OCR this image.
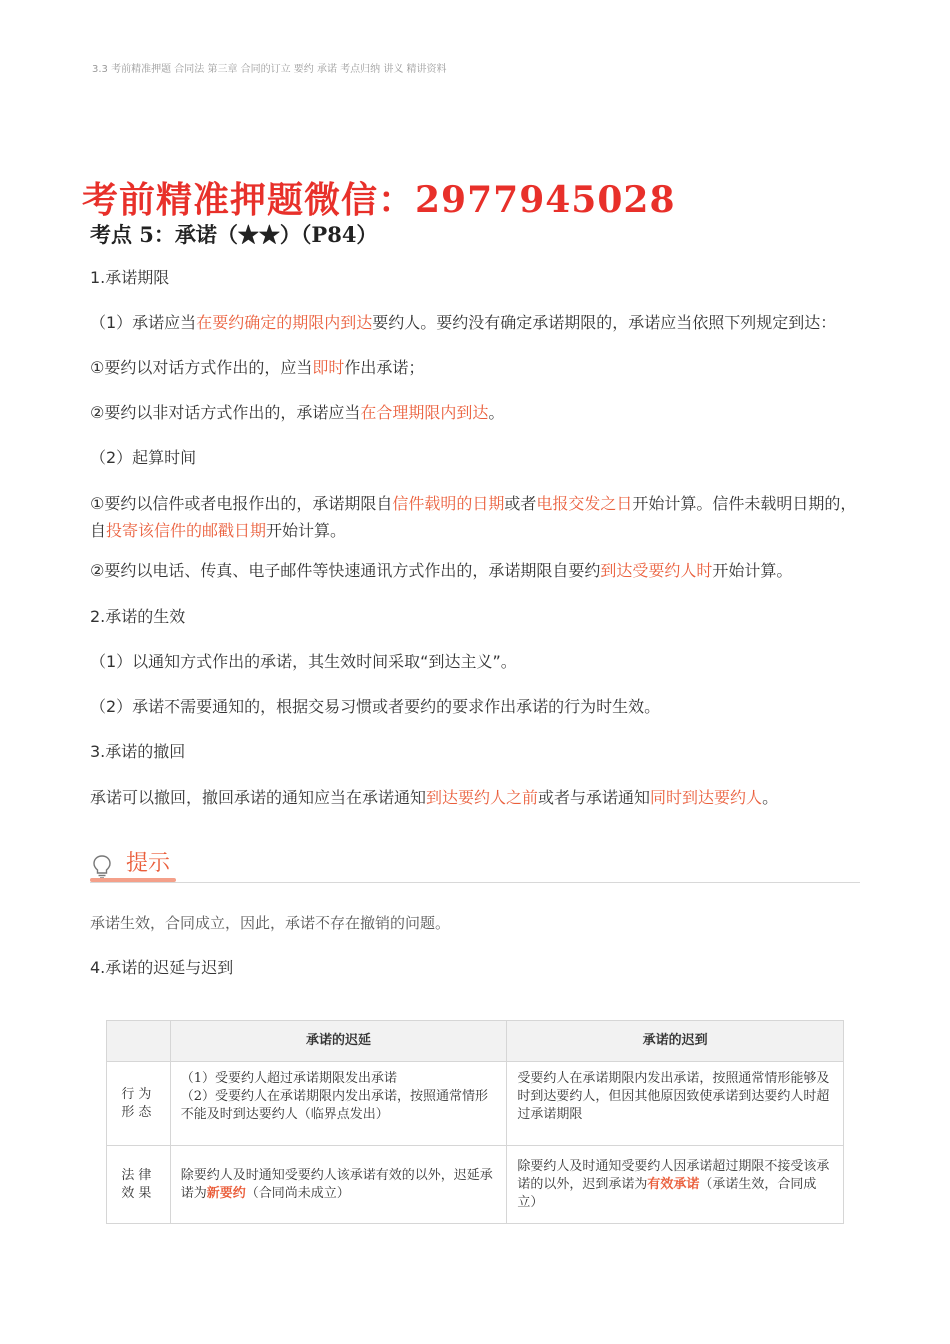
3.3 考前精准押题 合同法 第三章 合同的订立 要约 承诺 考点归纳 讲义 精讲资料
考前精准押题微信：2977945028
考点 5：承诺（★★）（P84）
1.承诺期限
（1）承诺应当在要约确定的期限内到达要约人。要约没有确定承诺期限的，承诺应当依照下列规定到达：
①要约以对话方式作出的，应当即时作出承诺；
②要约以非对话方式作出的，承诺应当在合理期限内到达。
（2）起算时间
①要约以信件或者电报作出的，承诺期限自信件载明的日期或者电报交发之日开始计算。信件未载明日期的，自投寄该信件的邮戳日期开始计算。
②要约以电话、传真、电子邮件等快速通讯方式作出的，承诺期限自要约到达受要约人时开始计算。
2.承诺的生效
（1）以通知方式作出的承诺，其生效时间采取“到达主义”。
（2）承诺不需要通知的，根据交易习惯或者要约的要求作出承诺的行为时生效。
3.承诺的撤回
承诺可以撤回，撤回承诺的通知应当在承诺通知到达要约人之前或者与承诺通知同时到达要约人。
提示
承诺生效，合同成立，因此，承诺不存在撤销的问题。
4.承诺的迟延与迟到
	承诺的迟延	承诺的迟到
行为形态	（1）受要约人超过承诺期限发出承诺
（2）受要约人在承诺期限内发出承诺，按照通常情形不能及时到达要约人（临界点发出）	受要约人在承诺期限内发出承诺，按照通常情形能够及时到达要约人，但因其他原因致使承诺到达要约人时超过承诺期限
法律效果	除要约人及时通知受要约人该承诺有效的以外，迟延承诺为新要约（合同尚未成立）	除要约人及时通知受要约人因承诺超过期限不接受该承诺的以外，迟到承诺为有效承诺（承诺生效，合同成立）
